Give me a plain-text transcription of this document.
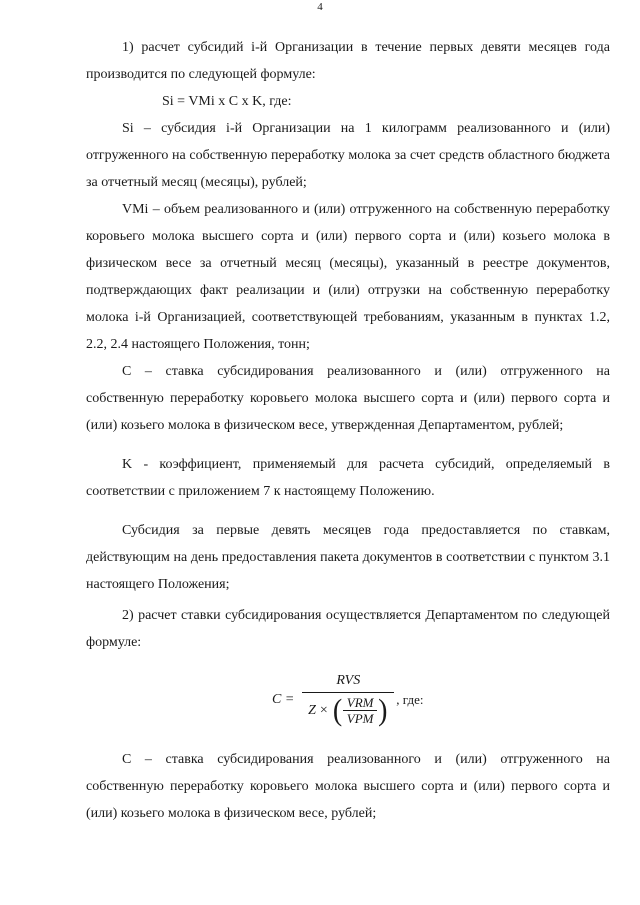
4

1) расчет субсидий i-й Организации в течение первых девяти месяцев года производится по следующей формуле:

Si = VMi x C x K, где:

Si – субсидия i-й Организации на 1 килограмм реализованного и (или) отгруженного на собственную переработку молока за счет средств областного бюджета за отчетный месяц (месяцы), рублей;

VMi – объем реализованного и (или) отгруженного на собственную переработку коровьего молока высшего сорта и (или) первого сорта и (или) козьего молока в физическом весе за отчетный месяц (месяцы), указанный в реестре документов, подтверждающих факт реализации и (или) отгрузки на собственную переработку молока i-й Организацией, соответствующей требованиям, указанным в пунктах 1.2, 2.2, 2.4 настоящего Положения, тонн;

С – ставка субсидирования реализованного и (или) отгруженного на собственную переработку коровьего молока высшего сорта и (или) первого сорта и (или) козьего молока в физическом весе, утвержденная Департаментом, рублей;

K - коэффициент, применяемый для расчета субсидий, определяемый в соответствии с приложением 7 к настоящему Положению.

Субсидия за первые девять месяцев года предоставляется по ставкам, действующим на день предоставления пакета документов в соответствии с пунктом 3.1 настоящего Положения;

2) расчет ставки субсидирования осуществляется Департаментом по следующей формуле:

C =
RVS
Z × ( VRM
VPM ) , где:

С – ставка субсидирования реализованного и (или) отгруженного на собственную переработку коровьего молока высшего сорта и (или) первого сорта и (или) козьего молока в физическом весе, рублей;
